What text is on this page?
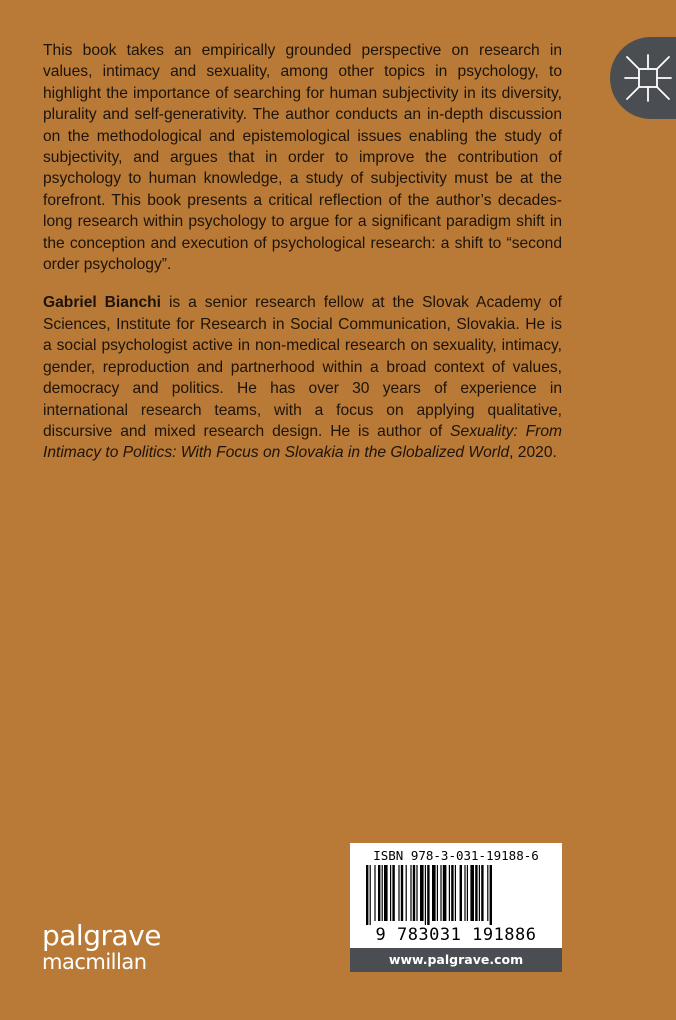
This book takes an empirically grounded perspective on research in values, intimacy and sexuality, among other topics in psychology, to highlight the importance of searching for human subjectivity in its diversity, plurality and self-generativity. The author conducts an in-depth discussion on the methodological and epistemological issues enabling the study of subjectivity, and argues that in order to improve the contribution of psychology to human knowledge, a study of subjectivity must be at the forefront. This book presents a critical reflection of the author’s decades-long research within psychology to argue for a significant paradigm shift in the conception and execution of psychological research: a shift to “second order psychology”.

Gabriel Bianchi is a senior research fellow at the Slovak Academy of Sciences, Institute for Research in Social Communication, Slovakia. He is a social psychologist active in non-medical research on sexuality, intimacy, gender, reproduction and partnerhood within a broad context of values, democracy and politics. He has over 30 years of experience in international research teams, with a focus on applying qualitative, discursive and mixed research design. He is author of Sexuality: From Intimacy to Politics: With Focus on Slovakia in the Globalized World, 2020.

palgrave
macmillan
ISBN 978-3-031-19188-6
9 783031 191886
www.palgrave.com
